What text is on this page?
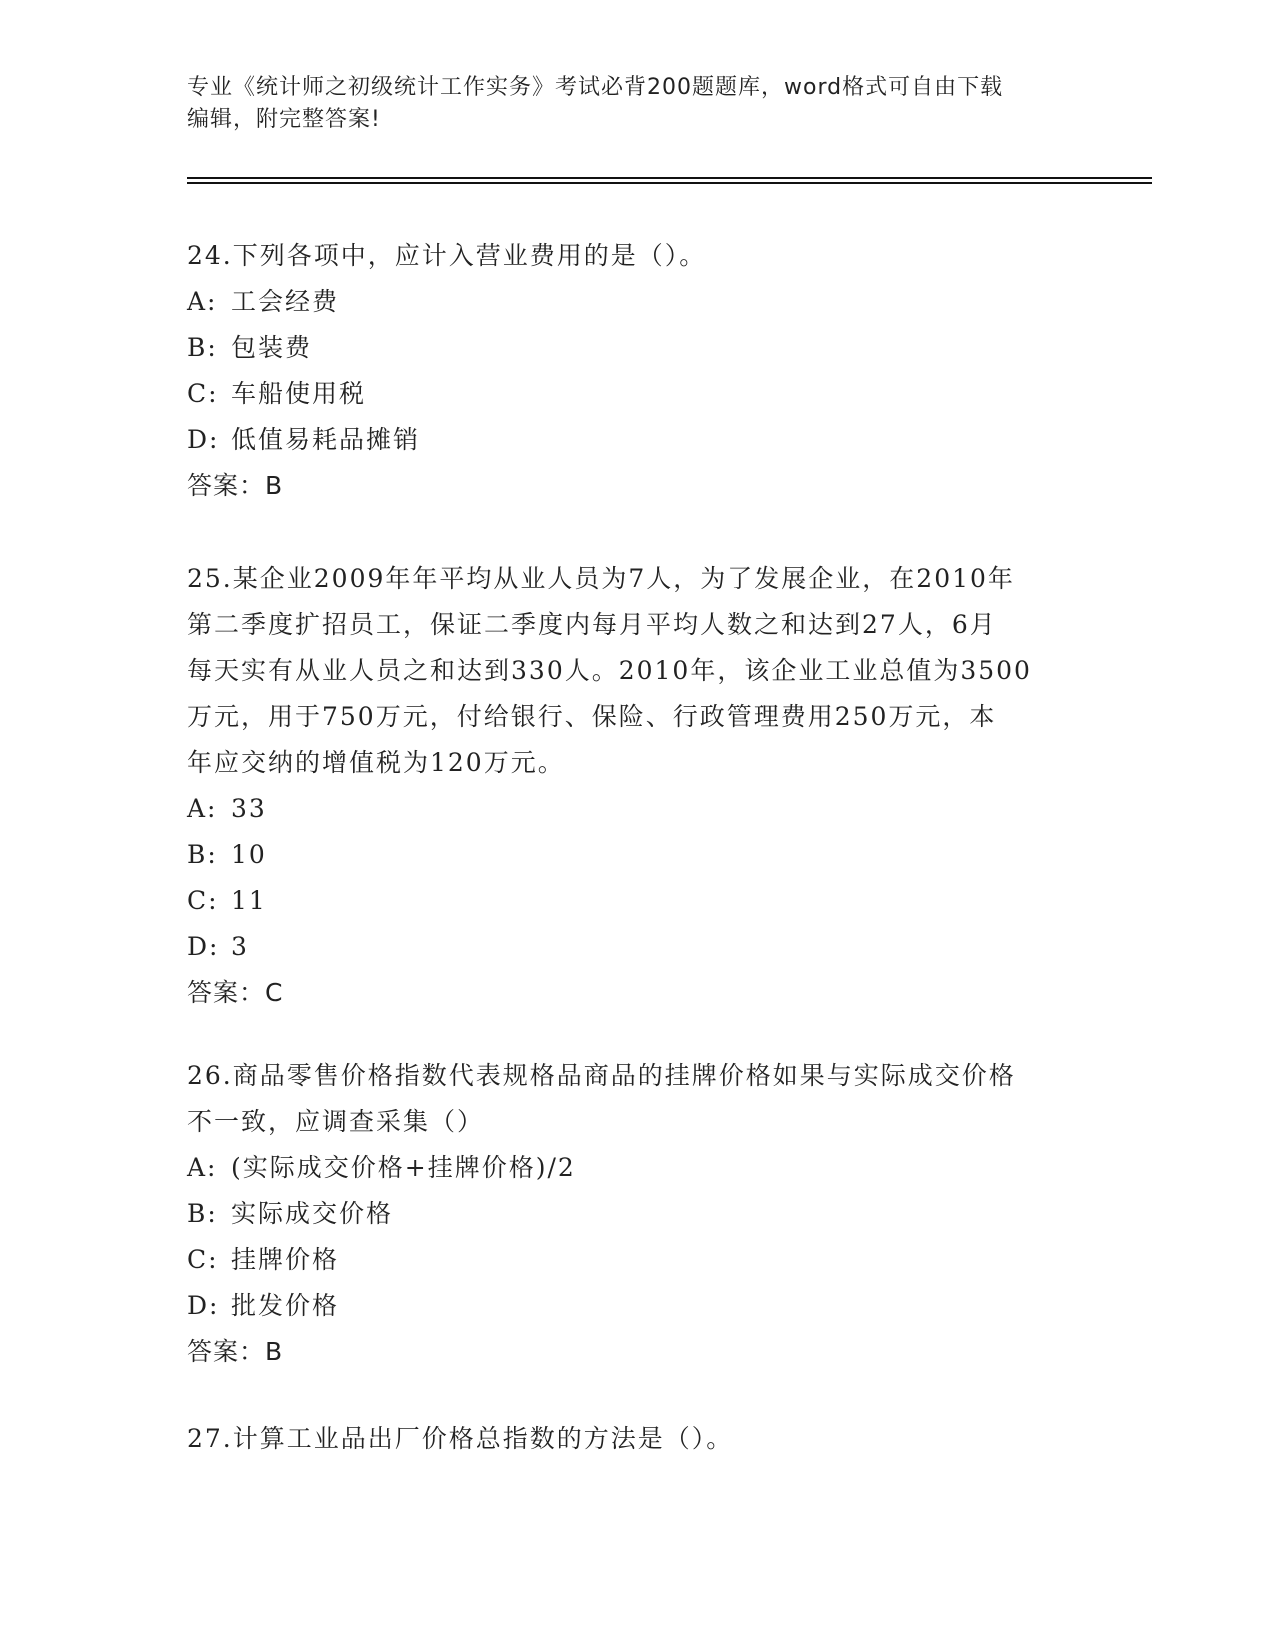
专业《统计师之初级统计工作实务》考试必背200题题库，word格式可自由下载
编辑，附完整答案!

24.下列各项中，应计入营业费用的是（）。

A: 工会经费

B: 包装费

C: 车船使用税

D: 低值易耗品摊销

答案：B

25.某企业2009年年平均从业人员为7人，为了发展企业，在2010年

第二季度扩招员工，保证二季度内每月平均人数之和达到27人，6月

每天实有从业人员之和达到330人。2010年，该企业工业总值为3500

万元，用于750万元，付给银行、保险、行政管理费用250万元，本

年应交纳的增值税为120万元。

A: 33

B: 10

C: 11

D: 3

答案：C

26.商品零售价格指数代表规格品商品的挂牌价格如果与实际成交价格

不一致，应调查采集（）

A: (实际成交价格+挂牌价格)/2

B: 实际成交价格

C: 挂牌价格

D: 批发价格

答案：B

27.计算工业品出厂价格总指数的方法是（）。
